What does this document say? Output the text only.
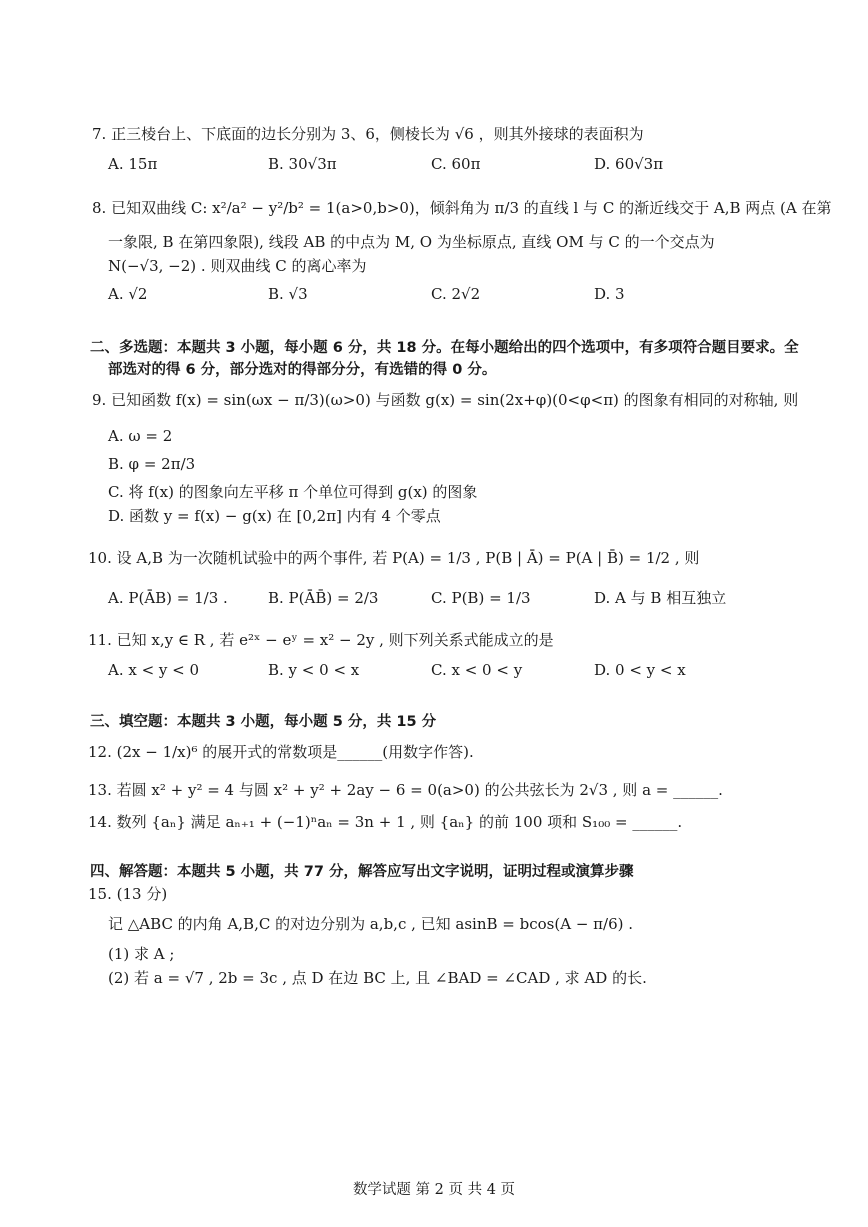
7. 正三棱台上、下底面的边长分别为 3、6，侧棱长为 √6 ，则其外接球的表面积为
A. 15π	B. 30√3π	C. 60π	D. 60√3π
8. 已知双曲线 C: x²/a² − y²/b² = 1(a>0,b>0)，倾斜角为 π/3 的直线 l 与 C 的渐近线交于 A,B 两点 (A 在第
一象限, B 在第四象限), 线段 AB 的中点为 M, O 为坐标原点, 直线 OM 与 C 的一个交点为
N(−√3, −2) . 则双曲线 C 的离心率为
A. √2	B. √3	C. 2√2	D. 3
二、多选题：本题共 3 小题，每小题 6 分，共 18 分。在每小题给出的四个选项中，有多项符合题目要求。全
部选对的得 6 分，部分选对的得部分分，有选错的得 0 分。
9. 已知函数 f(x) = sin(ωx − π/3)(ω>0) 与函数 g(x) = sin(2x+φ)(0<φ<π) 的图象有相同的对称轴, 则
A. ω = 2
B. φ = 2π/3
C. 将 f(x) 的图象向左平移 π 个单位可得到 g(x) 的图象
D. 函数 y = f(x) − g(x) 在 [0,2π] 内有 4 个零点
10. 设 A,B 为一次随机试验中的两个事件, 若 P(A) = 1/3 , P(B | Ā) = P(A | B̄) = 1/2 , 则
A. P(ĀB) = 1/3 .	B. P(ĀB̄) = 2/3	C. P(B) = 1/3	D. A 与 B 相互独立
11. 已知 x,y ∈ R , 若 e²ˣ − eʸ = x² − 2y , 则下列关系式能成立的是
A. x < y < 0	B. y < 0 < x	C. x < 0 < y	D. 0 < y < x
三、填空题：本题共 3 小题，每小题 5 分，共 15 分
12. (2x − 1/x)⁶ 的展开式的常数项是______(用数字作答).
13. 若圆 x² + y² = 4 与圆 x² + y² + 2ay − 6 = 0(a>0) 的公共弦长为 2√3 , 则 a = ______.
14. 数列 {aₙ} 满足 aₙ₊₁ + (−1)ⁿaₙ = 3n + 1 , 则 {aₙ} 的前 100 项和 S₁₀₀ = ______.
四、解答题：本题共 5 小题，共 77 分，解答应写出文字说明，证明过程或演算步骤
15. (13 分)
记 △ABC 的内角 A,B,C 的对边分别为 a,b,c , 已知 asinB = bcos(A − π/6) .
(1) 求 A ;
(2) 若 a = √7 , 2b = 3c , 点 D 在边 BC 上, 且 ∠BAD = ∠CAD , 求 AD 的长.
数学试题 第 2 页 共 4 页
